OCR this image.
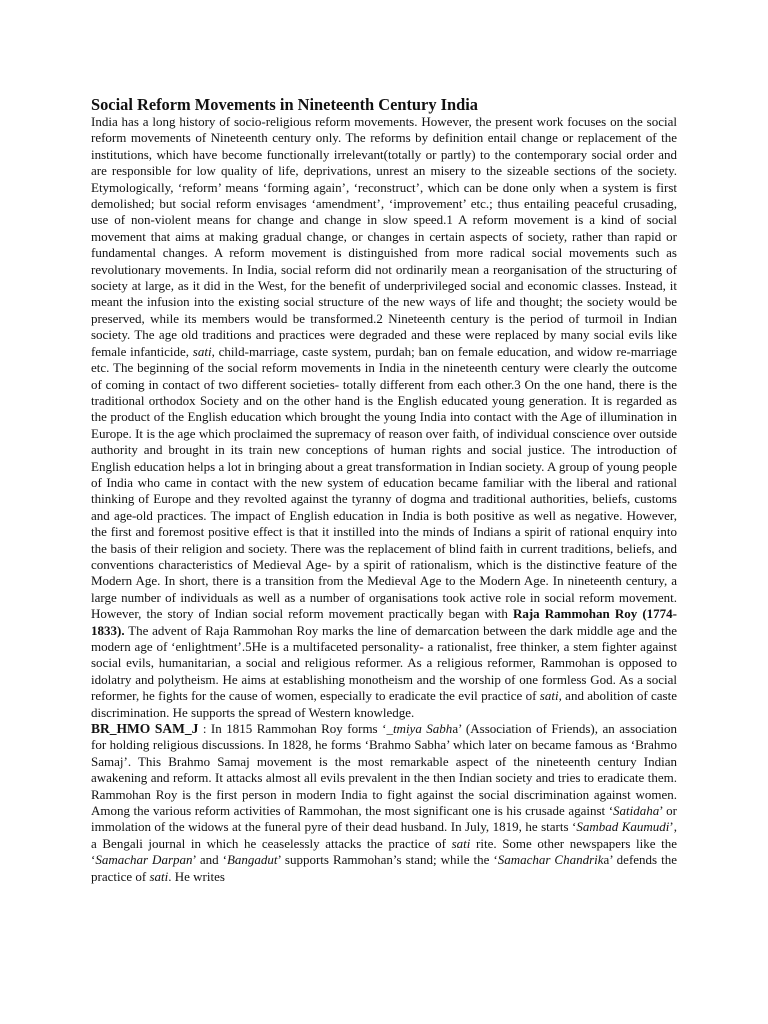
Social Reform Movements in Nineteenth Century India

India has a long history of socio-religious reform movements. However, the present work focuses on the social reform movements of Nineteenth century only. The reforms by definition entail change or replacement of the institutions, which have become functionally irrelevant(totally or partly) to the contemporary social order and are responsible for low quality of life, deprivations, unrest an misery to the sizeable sections of the society. Etymologically, ‘reform’ means ‘forming again’, ‘reconstruct’, which can be done only when a system is first demolished; but social reform envisages ‘amendment’, ‘improvement’ etc.; thus entailing peaceful crusading, use of non-violent means for change and change in slow speed.1 A reform movement is a kind of social movement that aims at making gradual change, or changes in certain aspects of society, rather than rapid or fundamental changes. A reform movement is distinguished from more radical social movements such as revolutionary movements. In India, social reform did not ordinarily mean a reorganisation of the structuring of society at large, as it did in the West, for the benefit of underprivileged social and economic classes. Instead, it meant the infusion into the existing social structure of the new ways of life and thought; the society would be preserved, while its members would be transformed.2 Nineteenth century is the period of turmoil in Indian society. The age old traditions and practices were degraded and these were replaced by many social evils like female infanticide, sati, child-marriage, caste system, purdah; ban on female education, and widow re-marriage etc. The beginning of the social reform movements in India in the nineteenth century were clearly the outcome of coming in contact of two different societies- totally different from each other.3 On the one hand, there is the traditional orthodox Society and on the other hand is the English educated young generation. It is regarded as the product of the English education which brought the young India into contact with the Age of illumination in Europe. It is the age which proclaimed the supremacy of reason over faith, of individual conscience over outside authority and brought in its train new conceptions of human rights and social justice. The introduction of English education helps a lot in bringing about a great transformation in Indian society. A group of young people of India who came in contact with the new system of education became familiar with the liberal and rational thinking of Europe and they revolted against the tyranny of dogma and traditional authorities, beliefs, customs and age-old practices. The impact of English education in India is both positive as well as negative. However, the first and foremost positive effect is that it instilled into the minds of Indians a spirit of rational enquiry into the basis of their religion and society. There was the replacement of blind faith in current traditions, beliefs, and conventions characteristics of Medieval Age- by a spirit of rationalism, which is the distinctive feature of the Modern Age. In short, there is a transition from the Medieval Age to the Modern Age. In nineteenth century, a large number of individuals as well as a number of organisations took active role in social reform movement. However, the story of Indian social reform movement practically began with Raja Rammohan Roy (1774-1833). The advent of Raja Rammohan Roy marks the line of demarcation between the dark middle age and the modern age of ‘enlightment’.5He is a multifaceted personality- a rationalist, free thinker, a stem fighter against social evils, humanitarian, a social and religious reformer. As a religious reformer, Rammohan is opposed to idolatry and polytheism. He aims at establishing monotheism and the worship of one formless God. As a social reformer, he fights for the cause of women, especially to eradicate the evil practice of sati, and abolition of caste discrimination. He supports the spread of Western knowledge.
BR_HMO SAM_J : In 1815 Rammohan Roy forms ‘_tmiya Sabha’ (Association of Friends), an association for holding religious discussions. In 1828, he forms ‘Brahmo Sabha’ which later on became famous as ‘Brahmo Samaj’. This Brahmo Samaj movement is the most remarkable aspect of the nineteenth century Indian awakening and reform. It attacks almost all evils prevalent in the then Indian society and tries to eradicate them. Rammohan Roy is the first person in modern India to fight against the social discrimination against women. Among the various reform activities of Rammohan, the most significant one is his crusade against ‘Satidaha’ or immolation of the widows at the funeral pyre of their dead husband. In July, 1819, he starts ‘Sambad Kaumudi’, a Bengali journal in which he ceaselessly attacks the practice of sati rite. Some other newspapers like the ‘Samachar Darpan’ and ‘Bangadut’ supports Rammohan’s stand; while the ‘Samachar Chandrika’ defends the practice of sati. He writes
